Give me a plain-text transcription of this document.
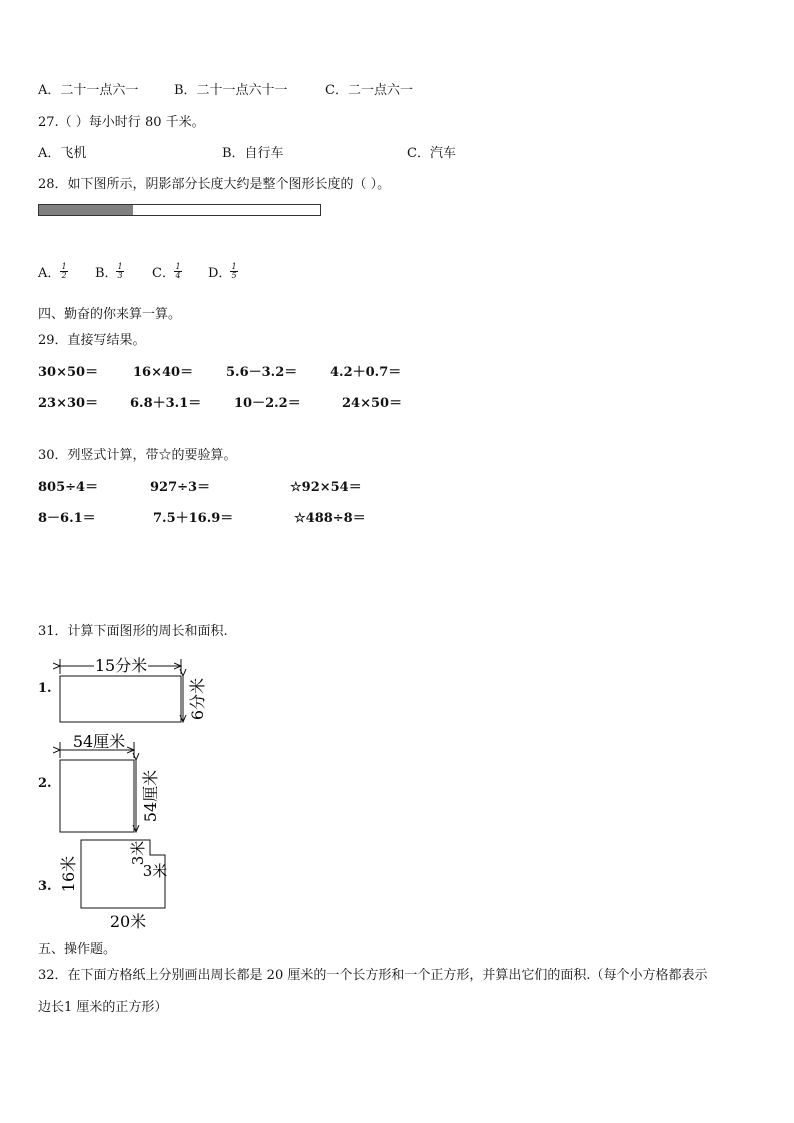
A．二十一点六一	B．二十一点六十一	C．二一点六一
27.（ ）每小时行 80 千米。
A．飞机	B．自行车	C．汽车
28．如下图所示，阴影部分长度大约是整个图形长度的（ ）。
A． 1
2 B． 1
3 C． 1
4 D． 1
5
四、勤奋的你来算一算。
29．直接写结果。
30×50＝	16×40＝	5.6－3.2＝	4.2＋0.7＝
23×30＝ 6.8＋3.1＝	10－2.2＝	24×50＝
30．列竖式计算，带☆的要验算。
805÷4＝	927÷3＝	☆92×54＝
8－6.1＝	7.5＋16.9＝	☆488÷8＝
31．计算下面图形的周长和面积.
1.
2.
3.
15分米
6分米
54厘米
54厘米
16米
3米
3米
20米
五、操作题。
32．在下面方格纸上分别画出周长都是 20 厘米的一个长方形和一个正方形，并算出它们的面积.（每个小方格都表示
边长1 厘米的正方形）
